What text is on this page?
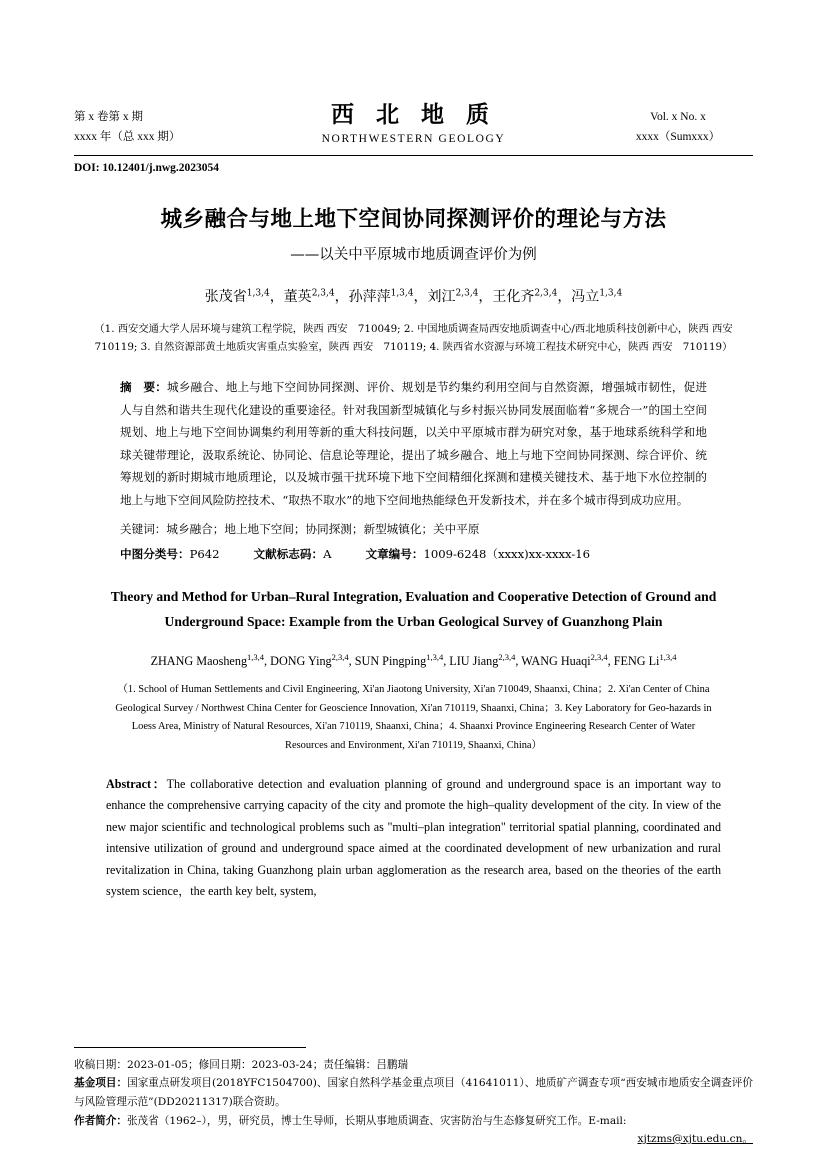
第 x 卷第 x 期
xxxx 年（总 xxx 期）
西 北 地 质
NORTHWESTERN GEOLOGY
Vol. x No. x
xxxx（Sumxxx）
DOI: 10.12401/j.nwg.2023054
城乡融合与地上地下空间协同探测评价的理论与方法
——以关中平原城市地质调查评价为例
张茂省$^{1,3,4}$，董英$^{2,3,4}$，孙萍萍$^{1,3,4}$，刘江$^{2,3,4}$，王化齐$^{2,3,4}$，冯立$^{1,3,4}$
（1. 西安交通大学人居环境与建筑工程学院，陕西 西安　710049; 2. 中国地质调查局西安地质调查中心/西北地质科技创新中心，陕西 西安　710119; 3. 自然资源部黄土地质灾害重点实验室，陕西 西安　710119; 4. 陕西省水资源与环境工程技术研究中心，陕西 西安　710119）
摘　要：城乡融合、地上与地下空间协同探测、评价、规划是节约集约利用空间与自然资源，增强城市韧性，促进人与自然和谐共生现代化建设的重要途径。针对我国新型城镇化与乡村振兴协同发展面临着“多规合一”的国土空间规划、地上与地下空间协调集约利用等新的重大科技问题，以关中平原城市群为研究对象，基于地球系统科学和地球关键带理论，汲取系统论、协同论、信息论等理论，提出了城乡融合、地上与地下空间协同探测、综合评价、统筹规划的新时期城市地质理论，以及城市强干扰环境下地下空间精细化探测和建模关键技术、基于地下水位控制的地上与地下空间风险防控技术、“取热不取水”的地下空间地热能绿色开发新技术，并在多个城市得到成功应用。
关键词：城乡融合；地上地下空间；协同探测；新型城镇化；关中平原
中图分类号：P642	文献标志码：A	文章编号：1009-6248（xxxx)xx-xxxx-16
Theory and Method for Urban–Rural Integration, Evaluation and Cooperative Detection of Ground and Underground Space: Example from the Urban Geological Survey of Guanzhong Plain
ZHANG Maosheng$^{1,3,4}$, DONG Ying$^{2,3,4}$, SUN Pingping$^{1,3,4}$, LIU Jiang$^{2,3,4}$, WANG Huaqi$^{2,3,4}$, FENG Li$^{1,3,4}$
（1. School of Human Settlements and Civil Engineering, Xi'an Jiaotong University, Xi'an 710049, Shaanxi, China；2. Xi'an Center of China Geological Survey / Northwest China Center for Geoscience Innovation, Xi'an 710119, Shaanxi, China；3. Key Laboratory for Geo-hazards in Loess Area, Ministry of Natural Resources, Xi'an 710119, Shaanxi, China；4. Shaanxi Province Engineering Research Center of Water Resources and Environment, Xi'an 710119, Shaanxi, China）
Abstract：The collaborative detection and evaluation planning of ground and underground space is an important way to enhance the comprehensive carrying capacity of the city and promote the high–quality development of the city. In view of the new major scientific and technological problems such as "multi–plan integration" territorial spatial planning, coordinated and intensive utilization of ground and underground space aimed at the coordinated development of new urbanization and rural revitalization in China, taking Guanzhong plain urban agglomeration as the research area, based on the theories of the earth system science，the earth key belt, system,
收稿日期：2023-01-05；修回日期：2023-03-24；责任编辑：吕鹏瑞
基金项目：国家重点研发项目(2018YFC1504700)、国家自然科学基金重点项目（41641011）、地质矿产调查专项“西安城市地质安全调查评价与风险管理示范”(DD20211317)联合资助。
作者简介：张茂省（1962–），男，研究员，博士生导师，长期从事地质调查、灾害防治与生态修复研究工作。E-mail:
xjtzms@xjtu.edu.cn。
